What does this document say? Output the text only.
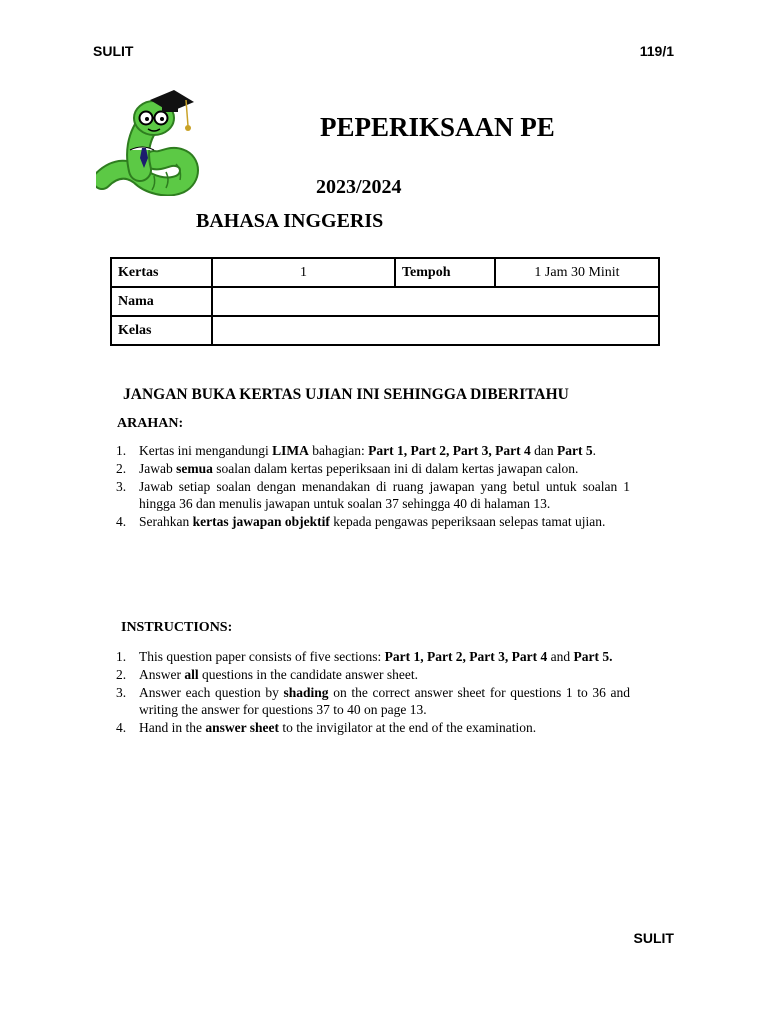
SULIT	119/1
PEPERIKSAAN PE
2023/2024
BAHASA INGGERIS
Kertas	1	Tempoh	1 Jam 30 Minit
Nama			
Kelas			
JANGAN BUKA KERTAS UJIAN INI SEHINGGA DIBERITAHU
ARAHAN:
1. Kertas ini mengandungi LIMA bahagian: Part 1, Part 2, Part 3, Part 4 dan Part 5.
2. Jawab semua soalan dalam kertas peperiksaan ini di dalam kertas jawapan calon.
3. Jawab setiap soalan dengan menandakan di ruang jawapan yang betul untuk soalan 1 hingga 36 dan menulis jawapan untuk soalan 37 sehingga 40 di halaman 13.
4. Serahkan kertas jawapan objektif kepada pengawas peperiksaan selepas tamat ujian.
INSTRUCTIONS:
1. This question paper consists of five sections: Part 1, Part 2, Part 3, Part 4 and Part 5.
2. Answer all questions in the candidate answer sheet.
3. Answer each question by shading on the correct answer sheet for questions 1 to 36 and writing the answer for questions 37 to 40 on page 13.
4. Hand in the answer sheet to the invigilator at the end of the examination.
SULIT
